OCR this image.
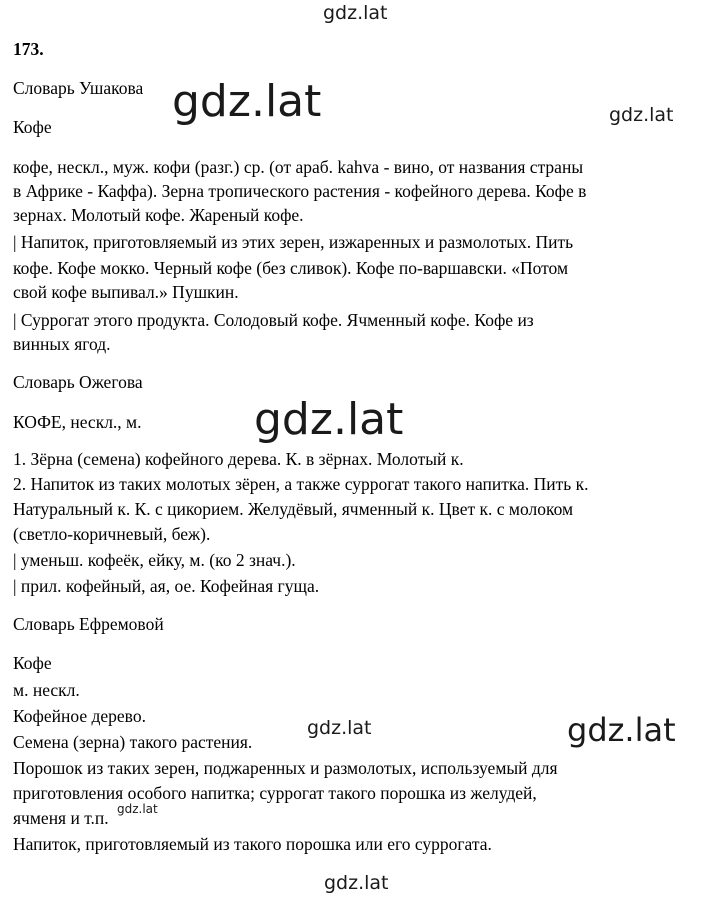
gdz.lat
gdz.lat	gdz.lat
gdz.lat
gdz.lat	gdz.lat
gdz.lat
gdz.lat
173.
Словарь Ушакова
Кофе
кофе, нескл., муж. кофи (разг.) ср. (от араб. kahva - вино, от названия страны
в Африке - Каффа). Зерна тропического растения - кофейного дерева. Кофе в
зернах. Молотый кофе. Жареный кофе.
| Напиток, приготовляемый из этих зерен, изжаренных и размолотых. Пить
кофе. Кофе мокко. Черный кофе (без сливок). Кофе по-варшавски. «Потом
свой кофе выпивал.» Пушкин.
| Суррогат этого продукта. Солодовый кофе. Ячменный кофе. Кофе из
винных ягод.
Словарь Ожегова
КОФЕ, нескл., м.
1. Зёрна (семена) кофейного дерева. К. в зёрнах. Молотый к.
2. Напиток из таких молотых зёрен, а также суррогат такого напитка. Пить к.
Натуральный к. К. с цикорием. Желудёвый, ячменный к. Цвет к. с молоком
(светло-коричневый, беж).
| уменьш. кофеёк, ейку, м. (ко 2 знач.).
| прил. кофейный, ая, ое. Кофейная гуща.
Словарь Ефремовой
Кофе
м. нескл.
Кофейное дерево.
Семена (зерна) такого растения.
Порошок из таких зерен, поджаренных и размолотых, используемый для
приготовления особого напитка; суррогат такого порошка из желудей,
ячменя и т.п.
Напиток, приготовляемый из такого порошка или его суррогата.
